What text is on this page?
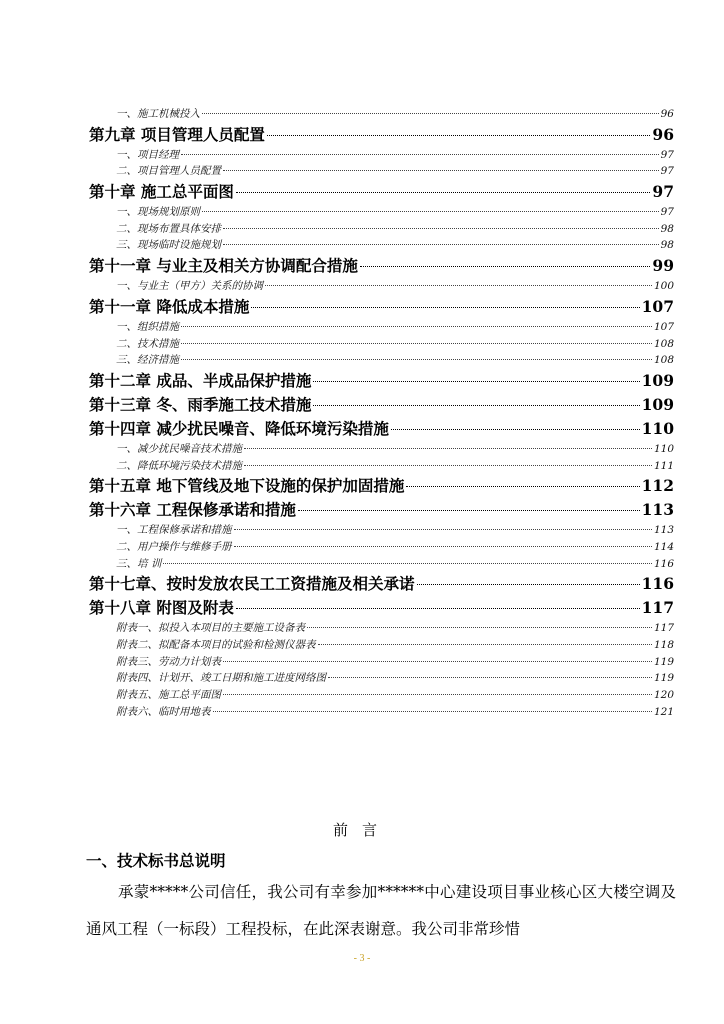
一、施工机械投入	96
第九章 项目管理人员配置	96
一、项目经理	97
二、项目管理人员配置	97
第十章 施工总平面图	97
一、现场规划原则	97
二、现场布置具体安排	98
三、现场临时设施规划	98
第十一章 与业主及相关方协调配合措施	99
一、与业主（甲方）关系的协调	100
第十一章 降低成本措施	107
一、组织措施	107
二、技术措施	108
三、经济措施	108
第十二章 成品、半成品保护措施	109
第十三章 冬、雨季施工技术措施	109
第十四章 减少扰民噪音、降低环境污染措施	110
一、减少扰民噪音技术措施	110
二、降低环境污染技术措施	111
第十五章 地下管线及地下设施的保护加固措施	112
第十六章 工程保修承诺和措施	113
一、工程保修承诺和措施	113
二、用户操作与维修手册	114
三、培 训	116
第十七章、按时发放农民工工资措施及相关承诺	116
第十八章 附图及附表	117
附表一、拟投入本项目的主要施工设备表	117
附表二、拟配备本项目的试验和检测仪器表	118
附表三、劳动力计划表	119
附表四、计划开、竣工日期和施工进度网络图	119
附表五、施工总平面图	120
附表六、临时用地表	121
前言
一、技术标书总说明
承蒙*****公司信任，我公司有幸参加******中心建设项目事业核心区大楼空调及通风工程（一标段）工程投标，在此深表谢意。我公司非常珍惜
- 3 -
